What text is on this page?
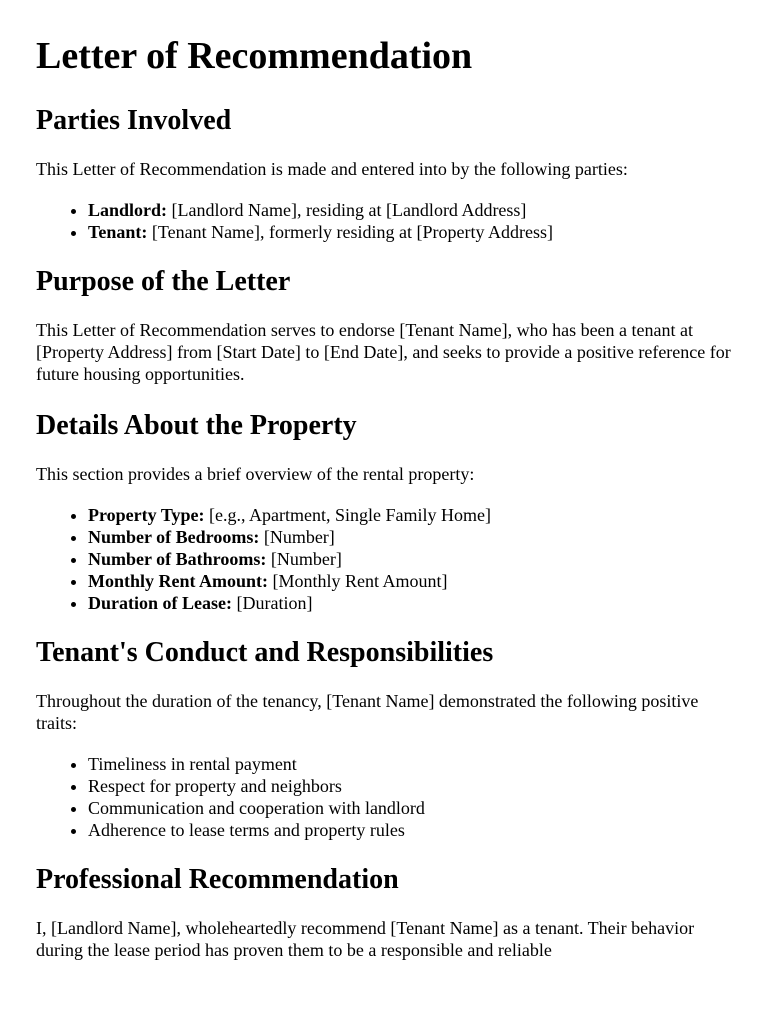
Letter of Recommendation
Parties Involved

This Letter of Recommendation is made and entered into by the following parties:

• Landlord: [Landlord Name], residing at [Landlord Address]
• Tenant: [Tenant Name], formerly residing at [Property Address]
Purpose of the Letter

This Letter of Recommendation serves to endorse [Tenant Name], who has been a tenant at [Property Address] from [Start Date] to [End Date], and seeks to provide a positive reference for future housing opportunities.

Details About the Property

This section provides a brief overview of the rental property:

• Property Type: [e.g., Apartment, Single Family Home]
• Number of Bedrooms: [Number]
• Number of Bathrooms: [Number]
• Monthly Rent Amount: [Monthly Rent Amount]
• Duration of Lease: [Duration]
Tenant's Conduct and Responsibilities

Throughout the duration of the tenancy, [Tenant Name] demonstrated the following positive traits:

• Timeliness in rental payment
• Respect for property and neighbors
• Communication and cooperation with landlord
• Adherence to lease terms and property rules
Professional Recommendation

I, [Landlord Name], wholeheartedly recommend [Tenant Name] as a tenant. Their behavior during the lease period has proven them to be a responsible and reliable
